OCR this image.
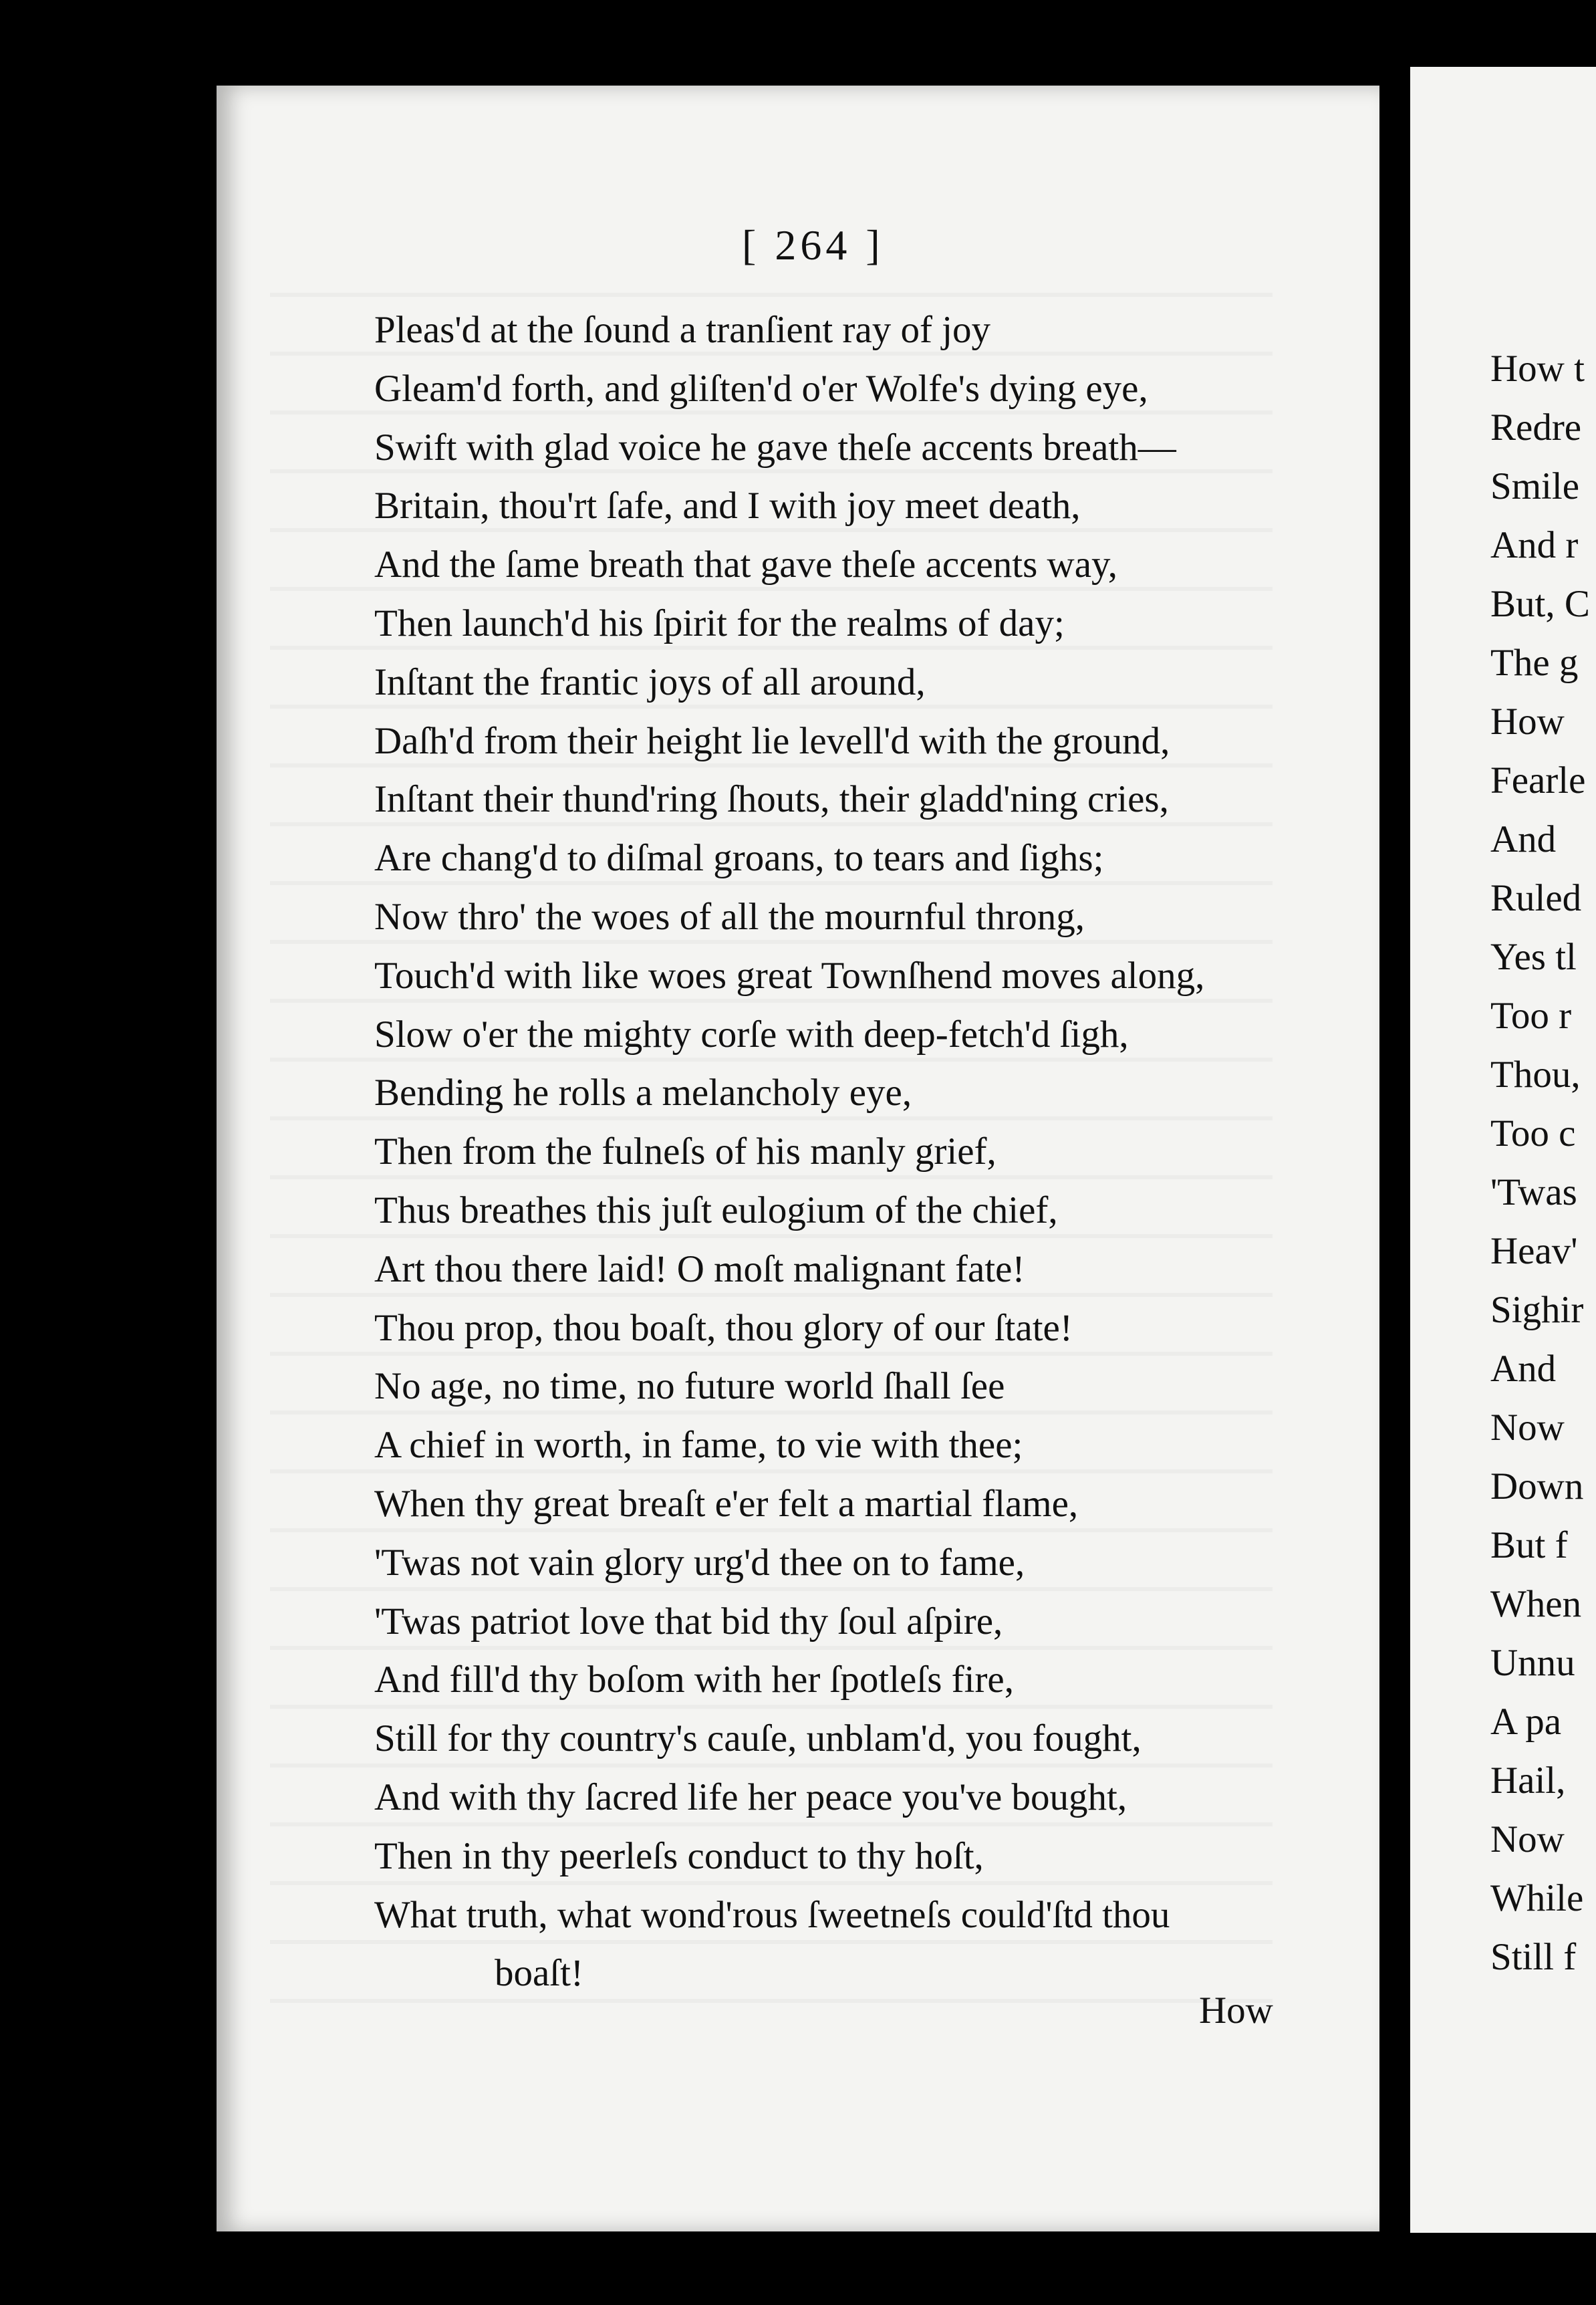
[ 264 ]
Pleas'd at the ſound a tranſient ray of joy
Gleam'd forth, and gliſten'd o'er Wolfe's dying eye,
Swift with glad voice he gave theſe accents breath—
Britain, thou'rt ſafe, and I with joy meet death,
And the ſame breath that gave theſe accents way,
Then launch'd his ſpirit for the realms of day;
Inſtant the frantic joys of all around,
Daſh'd from their height lie levell'd with the ground,
Inſtant their thund'ring ſhouts, their gladd'ning cries,
Are chang'd to diſmal groans, to tears and ſighs;
Now thro' the woes of all the mournful throng,
Touch'd with like woes great Townſhend moves along,
Slow o'er the mighty corſe with deep-fetch'd ſigh,
Bending he rolls a melancholy eye,
Then from the fulneſs of his manly grief,
Thus breathes this juſt eulogium of the chief,
Art thou there laid! O moſt malignant fate!
Thou prop, thou boaſt, thou glory of our ſtate!
No age, no time, no future world ſhall ſee
A chief in worth, in fame, to vie with thee;
When thy great breaſt e'er felt a martial flame,
'Twas not vain glory urg'd thee on to fame,
'Twas patriot love that bid thy ſoul aſpire,
And fill'd thy boſom with her ſpotleſs fire,
Still for thy country's cauſe, unblam'd, you fought,
And with thy ſacred life her peace you've bought,
Then in thy peerleſs conduct to thy hoſt,
What truth, what wond'rous ſweetneſs could'ſtd thou
boaſt!
How
How t
Redre
Smile
And r
But, C
The g
How
Fearle
And
Ruled
Yes tl
Too r
Thou,
Too c
'Twas
Heav'
Sighir
And
Now
Down
But f
When
Unnu
A pa
Hail,
Now
While
Still f
